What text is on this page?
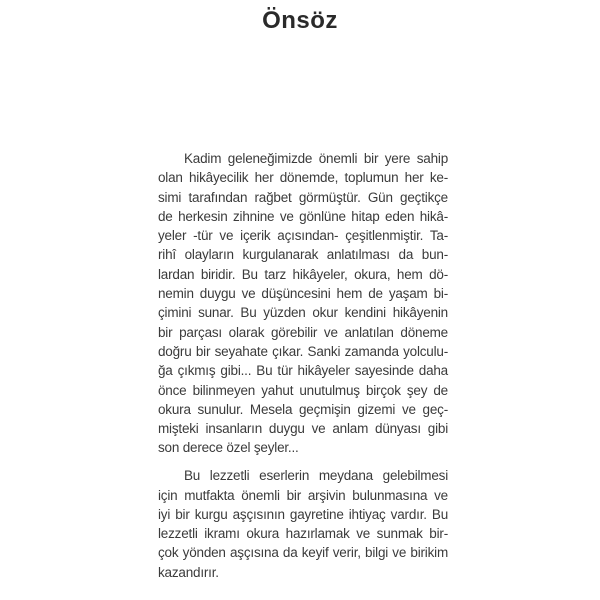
Önsöz
Kadim geleneğimizde önemli bir yere sahip
olan hikâyecilik her dönemde, toplumun her ke-
simi tarafından rağbet görmüştür. Gün geçtikçe
de herkesin zihnine ve gönlüne hitap eden hikâ-
yeler -tür ve içerik açısından- çeşitlenmiştir. Ta-
rihî olayların kurgulanarak anlatılması da bun-
lardan biridir. Bu tarz hikâyeler, okura, hem dö-
nemin duygu ve düşüncesini hem de yaşam bi-
çimini sunar. Bu yüzden okur kendini hikâyenin
bir parçası olarak görebilir ve anlatılan döneme
doğru bir seyahate çıkar. Sanki zamanda yolculu-
ğa çıkmış gibi... Bu tür hikâyeler sayesinde daha
önce bilinmeyen yahut unutulmuş birçok şey de
okura sunulur. Mesela geçmişin gizemi ve geç-
mişteki insanların duygu ve anlam dünyası gibi
son derece özel şeyler...
Bu lezzetli eserlerin meydana gelebilmesi
için mutfakta önemli bir arşivin bulunmasına ve
iyi bir kurgu aşçısının gayretine ihtiyaç vardır. Bu
lezzetli ikramı okura hazırlamak ve sunmak bir-
çok yönden aşçısına da keyif verir, bilgi ve birikim
kazandırır.
